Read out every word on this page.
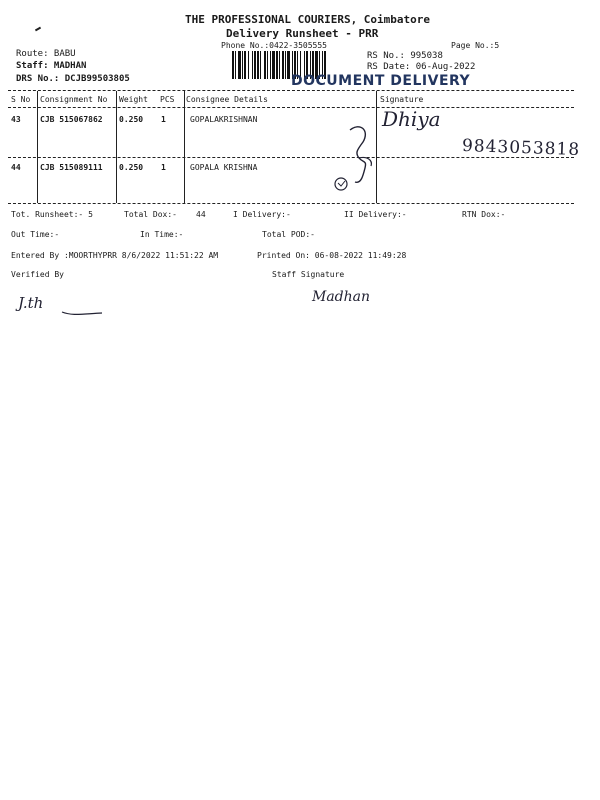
THE PROFESSIONAL COURIERS, Coimbatore
Delivery Runsheet - PRR
Phone No.:0422-3505555	Page No.:5
Route: BABU
Staff: MADHAN
DRS No.: DCJB99503805
RS No.: 995038
RS Date: 06-Aug-2022
DOCUMENT DELIVERY
S No Consignment No Weight PCS Consignee Details	Signature
43 CJB 515067862 0.250 1	GOPALAKRISHNAN	Dhiya
9843053818
44 CJB 515089111 0.250 1	GOPALA KRISHNA
Tot. Runsheet:- 5	Total Dox:- 44	I Delivery:-	II Delivery:-	RTN Dox:-
Out Time:-	In Time:-	Total POD:-
Entered By :MOORTHYPRR 8/6/2022 11:51:22 AM	Printed On: 06-08-2022 11:49:28
Verified By	Staff Signature
J.th	Madhan
